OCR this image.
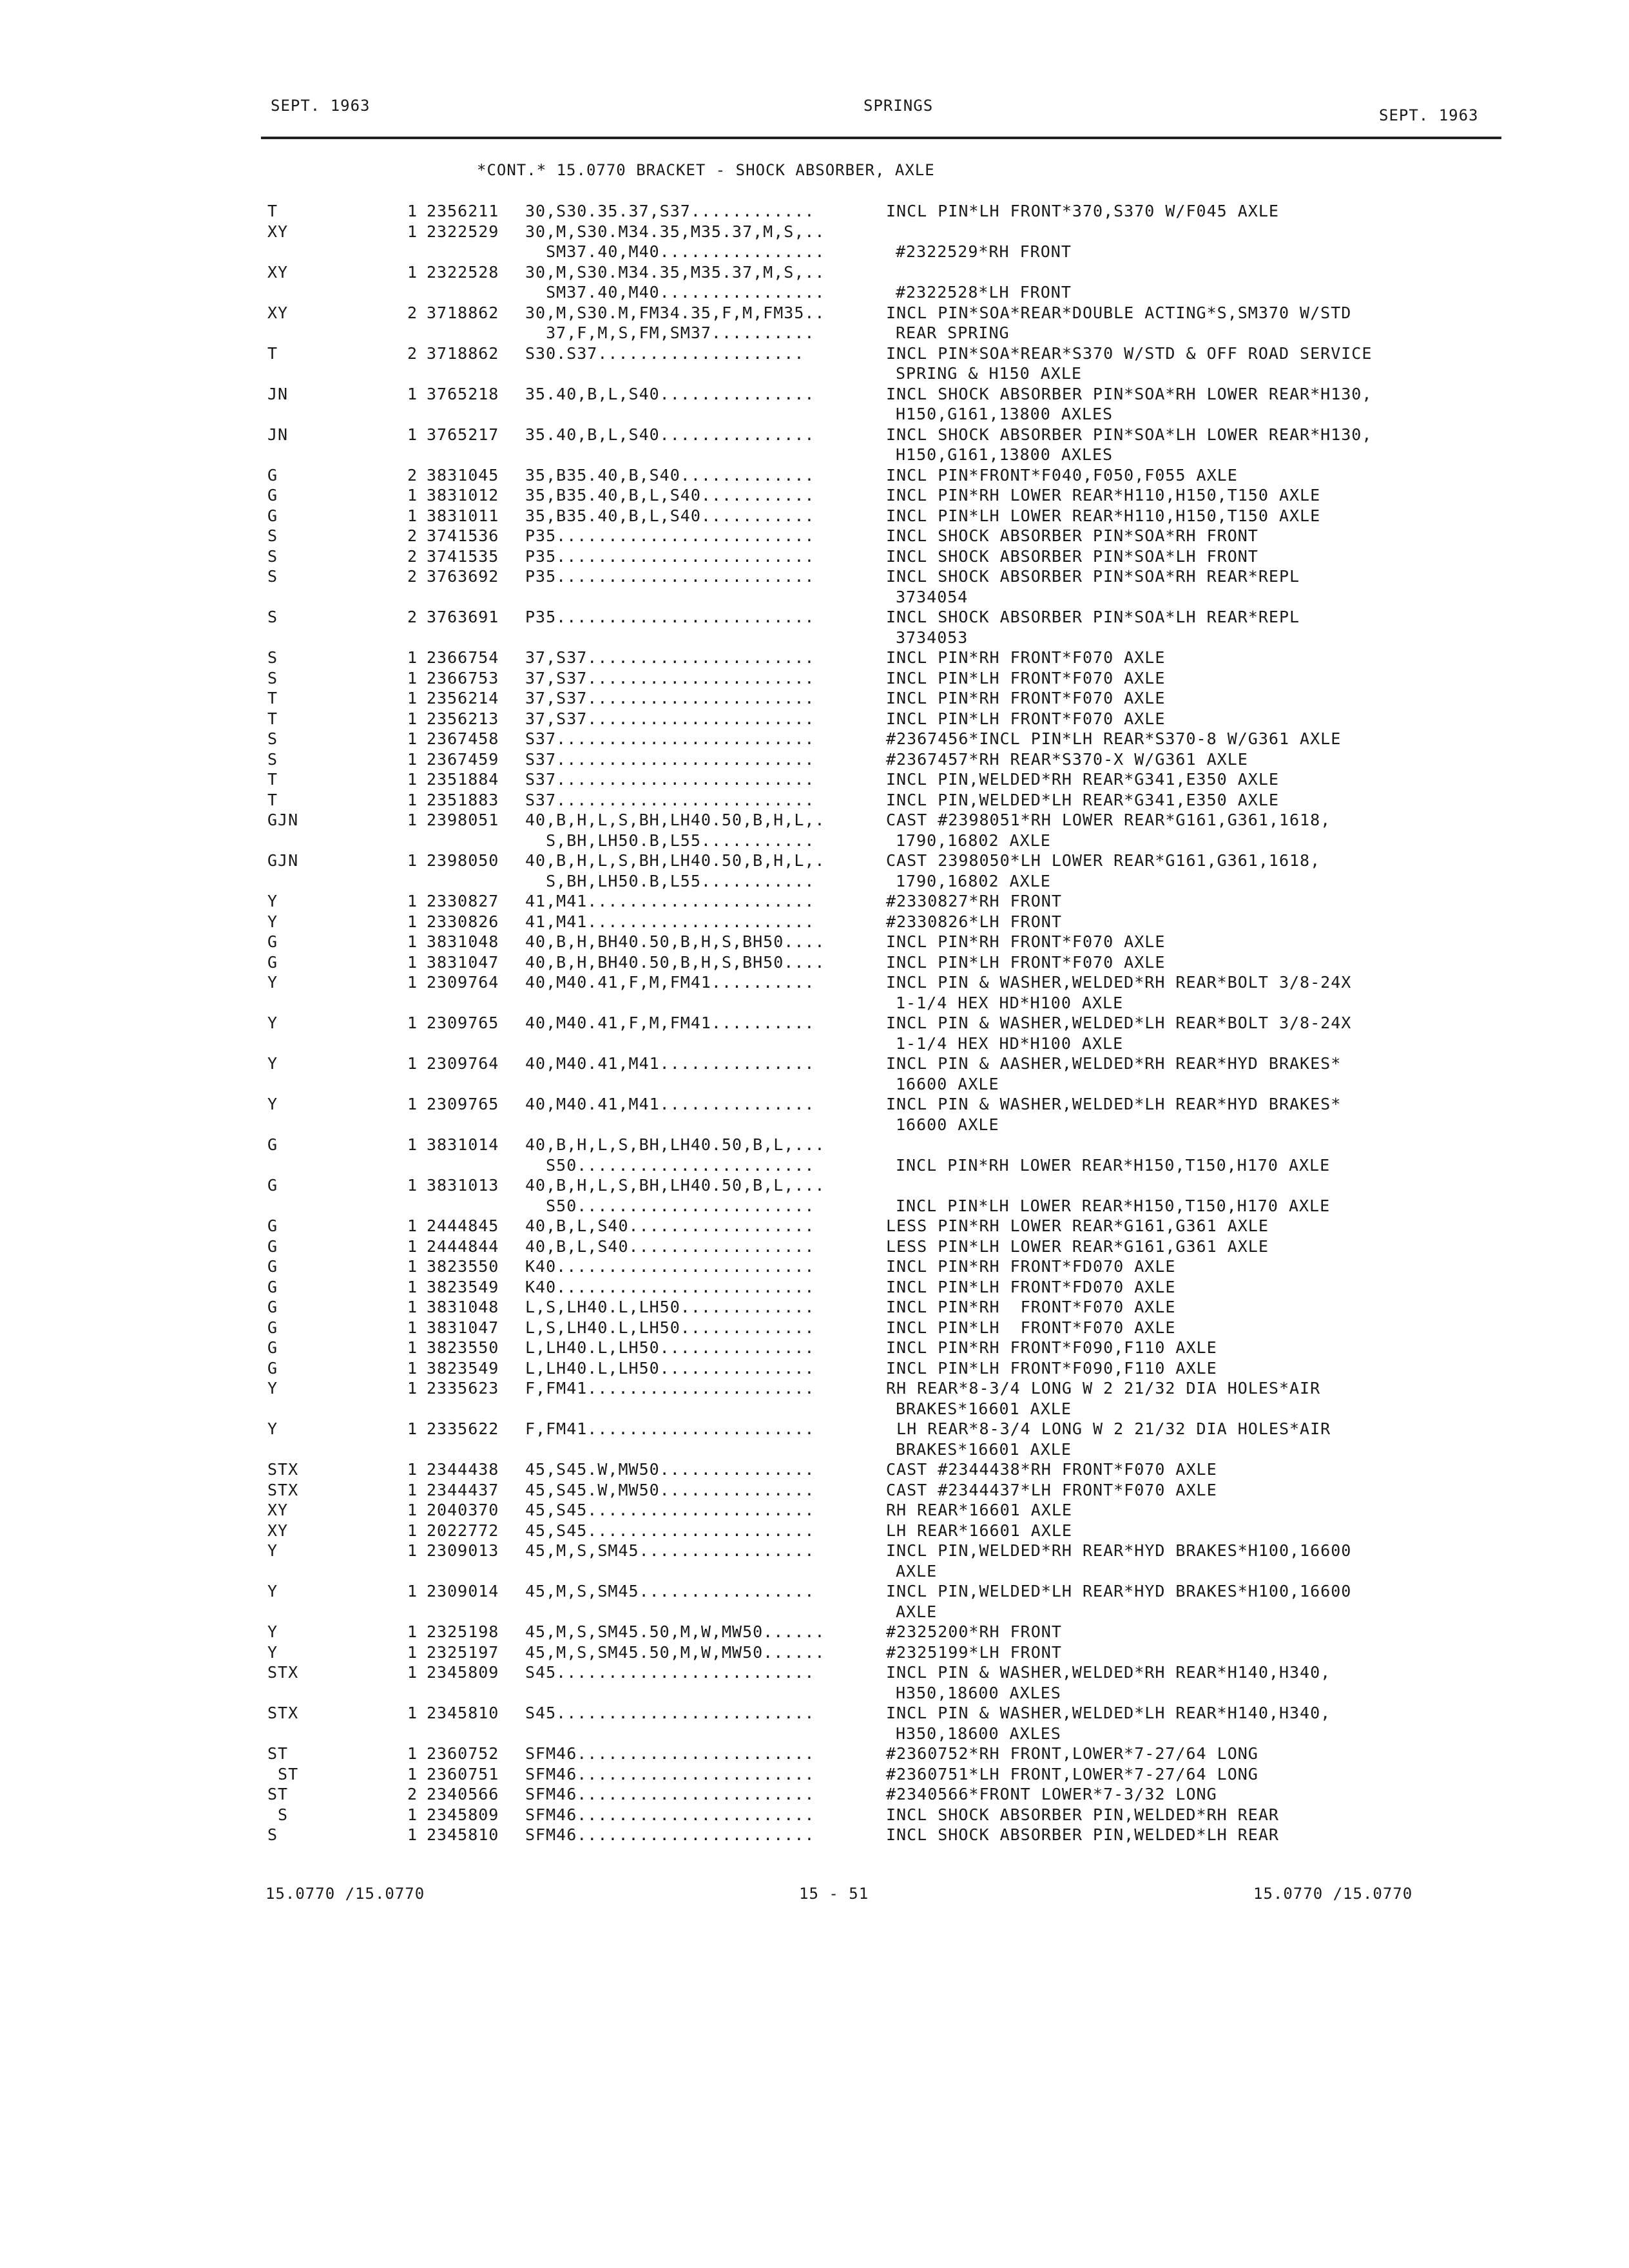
SEPT. 1963	SPRINGS
SEPT. 1963
*CONT.* 15.0770 BRACKET - SHOCK ABSORBER, AXLE
T	1 2356211 30,S30.35.37,S37............	INCL PIN*LH FRONT*370,S370 W/F045 AXLE
XY	1 2322529 30,M,S30.M34.35,M35.37,M,S,..
SM37.40,M40................	#2322529*RH FRONT
XY	1 2322528 30,M,S30.M34.35,M35.37,M,S,..
SM37.40,M40................	#2322528*LH FRONT
XY	2 3718862 30,M,S30.M,FM34.35,F,M,FM35..	INCL PIN*SOA*REAR*DOUBLE ACTING*S,SM370 W/STD
37,F,M,S,FM,SM37..........	REAR SPRING
T	2 3718862 S30.S37....................	INCL PIN*SOA*REAR*S370 W/STD & OFF ROAD SERVICE
SPRING & H150 AXLE
JN	1 3765218 35.40,B,L,S40...............	INCL SHOCK ABSORBER PIN*SOA*RH LOWER REAR*H130,
H150,G161,13800 AXLES
JN	1 3765217 35.40,B,L,S40...............	INCL SHOCK ABSORBER PIN*SOA*LH LOWER REAR*H130,
H150,G161,13800 AXLES
G	2 3831045 35,B35.40,B,S40.............	INCL PIN*FRONT*F040,F050,F055 AXLE
G	1 3831012 35,B35.40,B,L,S40...........	INCL PIN*RH LOWER REAR*H110,H150,T150 AXLE
G	1 3831011 35,B35.40,B,L,S40...........	INCL PIN*LH LOWER REAR*H110,H150,T150 AXLE
S	2 3741536 P35.........................	INCL SHOCK ABSORBER PIN*SOA*RH FRONT
S	2 3741535 P35.........................	INCL SHOCK ABSORBER PIN*SOA*LH FRONT
S	2 3763692 P35.........................	INCL SHOCK ABSORBER PIN*SOA*RH REAR*REPL
3734054
S	2 3763691 P35.........................	INCL SHOCK ABSORBER PIN*SOA*LH REAR*REPL
3734053
S	1 2366754 37,S37......................	INCL PIN*RH FRONT*F070 AXLE
S	1 2366753 37,S37......................	INCL PIN*LH FRONT*F070 AXLE
T	1 2356214 37,S37......................	INCL PIN*RH FRONT*F070 AXLE
T	1 2356213 37,S37......................	INCL PIN*LH FRONT*F070 AXLE
S	1 2367458 S37.........................	#2367456*INCL PIN*LH REAR*S370-8 W/G361 AXLE
S	1 2367459 S37.........................	#2367457*RH REAR*S370-X W/G361 AXLE
T	1 2351884 S37.........................	INCL PIN,WELDED*RH REAR*G341,E350 AXLE
T	1 2351883 S37.........................	INCL PIN,WELDED*LH REAR*G341,E350 AXLE
GJN	1 2398051 40,B,H,L,S,BH,LH40.50,B,H,L,.	CAST #2398051*RH LOWER REAR*G161,G361,1618,
S,BH,LH50.B,L55...........	1790,16802 AXLE
GJN	1 2398050 40,B,H,L,S,BH,LH40.50,B,H,L,.	CAST 2398050*LH LOWER REAR*G161,G361,1618,
S,BH,LH50.B,L55...........	1790,16802 AXLE
Y	1 2330827 41,M41......................	#2330827*RH FRONT
Y	1 2330826 41,M41......................	#2330826*LH FRONT
G	1 3831048 40,B,H,BH40.50,B,H,S,BH50....	INCL PIN*RH FRONT*F070 AXLE
G	1 3831047 40,B,H,BH40.50,B,H,S,BH50....	INCL PIN*LH FRONT*F070 AXLE
Y	1 2309764 40,M40.41,F,M,FM41..........	INCL PIN & WASHER,WELDED*RH REAR*BOLT 3/8-24X
1-1/4 HEX HD*H100 AXLE
Y	1 2309765 40,M40.41,F,M,FM41..........	INCL PIN & WASHER,WELDED*LH REAR*BOLT 3/8-24X
1-1/4 HEX HD*H100 AXLE
Y	1 2309764 40,M40.41,M41...............	INCL PIN & AASHER,WELDED*RH REAR*HYD BRAKES*
16600 AXLE
Y	1 2309765 40,M40.41,M41...............	INCL PIN & WASHER,WELDED*LH REAR*HYD BRAKES*
16600 AXLE
G	1 3831014 40,B,H,L,S,BH,LH40.50,B,L,...
S50.......................	INCL PIN*RH LOWER REAR*H150,T150,H170 AXLE
G	1 3831013 40,B,H,L,S,BH,LH40.50,B,L,...
S50.......................	INCL PIN*LH LOWER REAR*H150,T150,H170 AXLE
G	1 2444845 40,B,L,S40..................	LESS PIN*RH LOWER REAR*G161,G361 AXLE
G	1 2444844 40,B,L,S40..................	LESS PIN*LH LOWER REAR*G161,G361 AXLE
G	1 3823550 K40.........................	INCL PIN*RH FRONT*FD070 AXLE
G	1 3823549 K40.........................	INCL PIN*LH FRONT*FD070 AXLE
G	1 3831048 L,S,LH40.L,LH50.............	INCL PIN*RH  FRONT*F070 AXLE
G	1 3831047 L,S,LH40.L,LH50.............	INCL PIN*LH  FRONT*F070 AXLE
G	1 3823550 L,LH40.L,LH50...............	INCL PIN*RH FRONT*F090,F110 AXLE
G	1 3823549 L,LH40.L,LH50...............	INCL PIN*LH FRONT*F090,F110 AXLE
Y	1 2335623 F,FM41......................	RH REAR*8-3/4 LONG W 2 21/32 DIA HOLES*AIR
BRAKES*16601 AXLE
Y	1 2335622 F,FM41......................	LH REAR*8-3/4 LONG W 2 21/32 DIA HOLES*AIR
BRAKES*16601 AXLE
STX	1 2344438 45,S45.W,MW50...............	CAST #2344438*RH FRONT*F070 AXLE
STX	1 2344437 45,S45.W,MW50...............	CAST #2344437*LH FRONT*F070 AXLE
XY	1 2040370 45,S45......................	RH REAR*16601 AXLE
XY	1 2022772 45,S45......................	LH REAR*16601 AXLE
Y	1 2309013 45,M,S,SM45.................	INCL PIN,WELDED*RH REAR*HYD BRAKES*H100,16600
AXLE
Y	1 2309014 45,M,S,SM45.................	INCL PIN,WELDED*LH REAR*HYD BRAKES*H100,16600
AXLE
Y	1 2325198 45,M,S,SM45.50,M,W,MW50......	#2325200*RH FRONT
Y	1 2325197 45,M,S,SM45.50,M,W,MW50......	#2325199*LH FRONT
STX	1 2345809 S45.........................	INCL PIN & WASHER,WELDED*RH REAR*H140,H340,
H350,18600 AXLES
STX	1 2345810 S45.........................	INCL PIN & WASHER,WELDED*LH REAR*H140,H340,
H350,18600 AXLES
ST	1 2360752 SFM46.......................	#2360752*RH FRONT,LOWER*7-27/64 LONG
ST	1 2360751 SFM46.......................	#2360751*LH FRONT,LOWER*7-27/64 LONG
ST	2 2340566 SFM46.......................	#2340566*FRONT LOWER*7-3/32 LONG
S	1 2345809 SFM46.......................	INCL SHOCK ABSORBER PIN,WELDED*RH REAR
S	1 2345810 SFM46.......................	INCL SHOCK ABSORBER PIN,WELDED*LH REAR
15.0770 /15.0770	15 - 51	15.0770 /15.0770
